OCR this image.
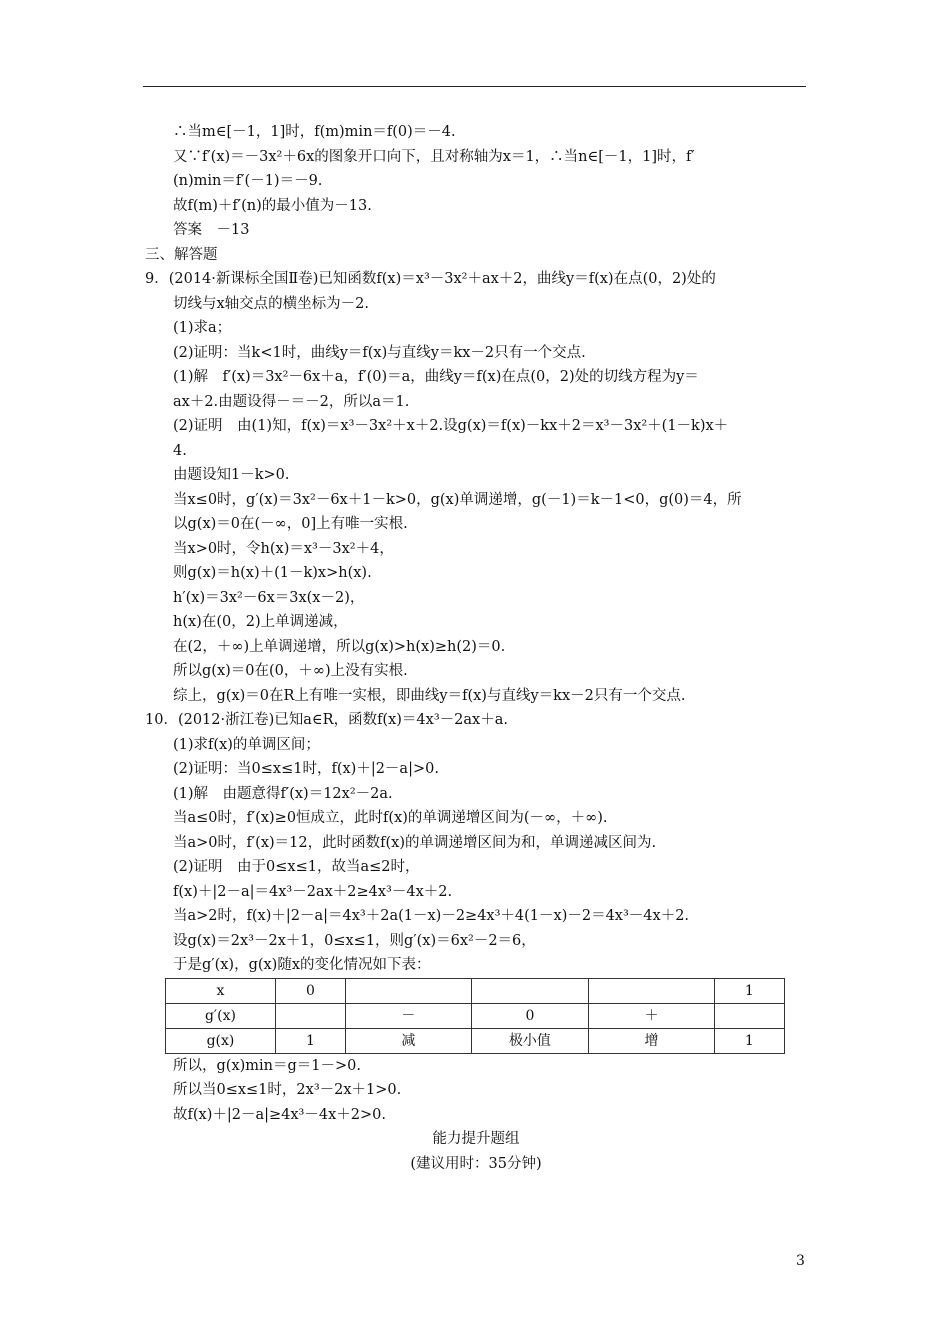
∴当m∈[－1，1]时，f(m)min＝f(0)＝－4.
又∵f′(x)＝－3x²＋6x的图象开口向下，且对称轴为x＝1，∴当n∈[－1，1]时，f′
(n)min＝f′(－1)＝－9.
故f(m)＋f′(n)的最小值为－13.
答案　－13
三、解答题
9．(2014·新课标全国Ⅱ卷)已知函数f(x)＝x³－3x²＋ax＋2，曲线y＝f(x)在点(0，2)处的
切线与x轴交点的横坐标为－2.
(1)求a；
(2)证明：当k<1时，曲线y＝f(x)与直线y＝kx－2只有一个交点.
(1)解　f′(x)＝3x²－6x＋a，f′(0)＝a，曲线y＝f(x)在点(0，2)处的切线方程为y＝
ax＋2.由题设得－＝－2，所以a＝1.
(2)证明　由(1)知，f(x)＝x³－3x²＋x＋2.设g(x)＝f(x)－kx＋2＝x³－3x²＋(1－k)x＋
4.
由题设知1－k>0.
当x≤0时，g′(x)＝3x²－6x＋1－k>0，g(x)单调递增，g(－1)＝k－1<0，g(0)＝4，所
以g(x)＝0在(－∞，0]上有唯一实根.
当x>0时，令h(x)＝x³－3x²＋4，
则g(x)＝h(x)＋(1－k)x>h(x).
h′(x)＝3x²－6x＝3x(x－2)，
h(x)在(0，2)上单调递减，
在(2，＋∞)上单调递增，所以g(x)>h(x)≥h(2)＝0.
所以g(x)＝0在(0，＋∞)上没有实根.
综上，g(x)＝0在R上有唯一实根，即曲线y＝f(x)与直线y＝kx－2只有一个交点.
10．(2012·浙江卷)已知a∈R，函数f(x)＝4x³－2ax＋a.
(1)求f(x)的单调区间；
(2)证明：当0≤x≤1时，f(x)＋|2－a|>0.
(1)解　由题意得f′(x)＝12x²－2a.
当a≤0时，f′(x)≥0恒成立，此时f(x)的单调递增区间为(－∞，＋∞).
当a>0时，f′(x)＝12，此时函数f(x)的单调递增区间为和，单调递减区间为.
(2)证明　由于0≤x≤1，故当a≤2时，
f(x)＋|2－a|＝4x³－2ax＋2≥4x³－4x＋2.
当a>2时，f(x)＋|2－a|＝4x³＋2a(1－x)－2≥4x³＋4(1－x)－2＝4x³－4x＋2.
设g(x)＝2x³－2x＋1，0≤x≤1，则g′(x)＝6x²－2＝6，
于是g′(x)，g(x)随x的变化情况如下表：
x	0				1
g′(x)		－	0	＋	
g(x)	1	减	极小值	增	1
所以，g(x)min＝g＝1－>0.
所以当0≤x≤1时，2x³－2x＋1>0.
故f(x)＋|2－a|≥4x³－4x＋2>0.
能力提升题组
(建议用时：35分钟)
3
